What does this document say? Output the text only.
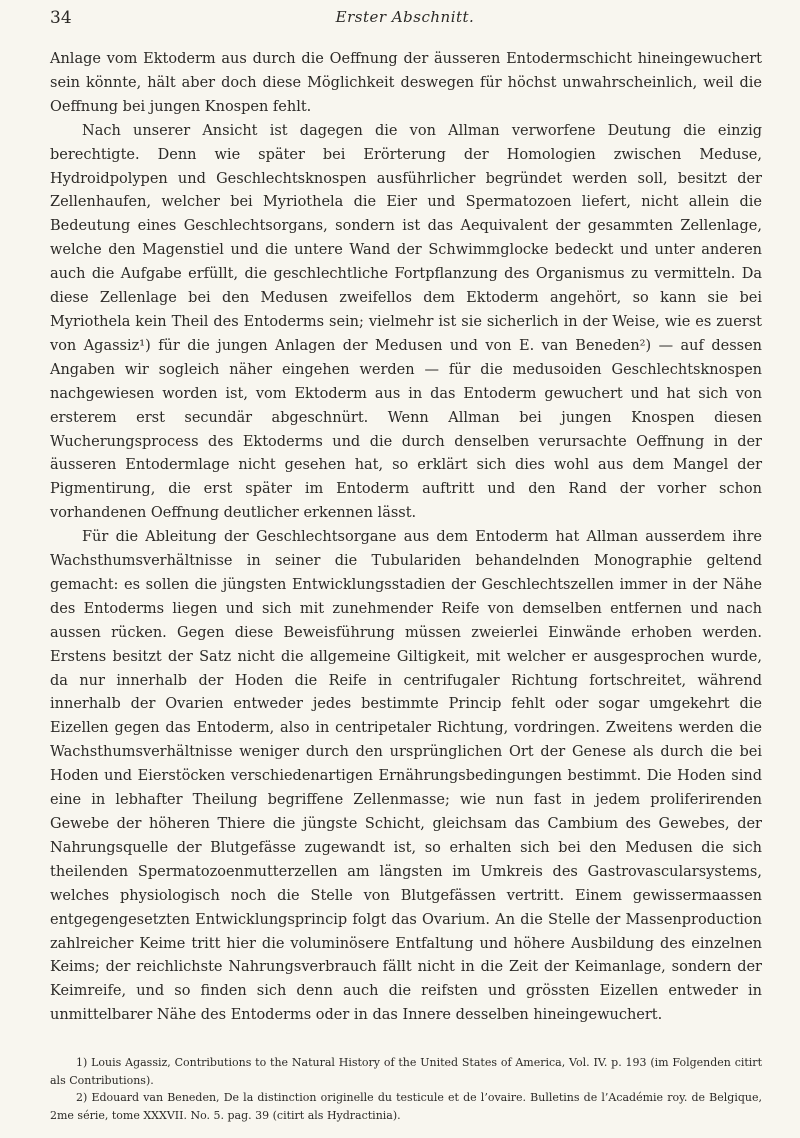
34	Erster Abschnitt.

Anlage vom Ektoderm aus durch die Oeffnung der äusseren Entodermschicht hineingewuchert sein könnte, hält aber doch diese Möglichkeit deswegen für höchst unwahrscheinlich, weil die Oeffnung bei jungen Knospen fehlt.

Nach unserer Ansicht ist dagegen die von Allman verworfene Deutung die einzig berechtigte. Denn wie später bei Erörterung der Homologien zwischen Meduse, Hydroidpolypen und Geschlechtsknospen ausführlicher begründet werden soll, besitzt der Zellenhaufen, welcher bei Myriothela die Eier und Spermatozoen liefert, nicht allein die Bedeutung eines Geschlechtsorgans, sondern ist das Aequivalent der gesammten Zellenlage, welche den Magenstiel und die untere Wand der Schwimmglocke bedeckt und unter anderen auch die Aufgabe erfüllt, die geschlechtliche Fortpflanzung des Organismus zu vermitteln. Da diese Zellenlage bei den Medusen zweifellos dem Ektoderm angehört, so kann sie bei Myriothela kein Theil des Entoderms sein; vielmehr ist sie sicherlich in der Weise, wie es zuerst von Agassiz¹) für die jungen Anlagen der Medusen und von E. van Beneden²) — auf dessen Angaben wir sogleich näher eingehen werden — für die medusoiden Geschlechtsknospen nachgewiesen worden ist, vom Ektoderm aus in das Entoderm gewuchert und hat sich von ersterem erst secundär abgeschnürt. Wenn Allman bei jungen Knospen diesen Wucherungsprocess des Ektoderms und die durch denselben verursachte Oeffnung in der äusseren Entodermlage nicht gesehen hat, so erklärt sich dies wohl aus dem Mangel der Pigmentirung, die erst später im Entoderm auftritt und den Rand der vorher schon vorhandenen Oeffnung deutlicher erkennen lässt.

Für die Ableitung der Geschlechtsorgane aus dem Entoderm hat Allman ausserdem ihre Wachsthumsverhältnisse in seiner die Tubulariden behandelnden Monographie geltend gemacht: es sollen die jüngsten Entwicklungsstadien der Geschlechtszellen immer in der Nähe des Entoderms liegen und sich mit zunehmender Reife von demselben entfernen und nach aussen rücken. Gegen diese Beweisführung müssen zweierlei Einwände erhoben werden. Erstens besitzt der Satz nicht die allgemeine Giltigkeit, mit welcher er ausgesprochen wurde, da nur innerhalb der Hoden die Reife in centrifugaler Richtung fortschreitet, während innerhalb der Ovarien entweder jedes bestimmte Princip fehlt oder sogar umgekehrt die Eizellen gegen das Entoderm, also in centripetaler Richtung, vordringen. Zweitens werden die Wachsthumsverhältnisse weniger durch den ursprünglichen Ort der Genese als durch die bei Hoden und Eierstöcken verschiedenartigen Ernährungsbedingungen bestimmt. Die Hoden sind eine in lebhafter Theilung begriffene Zellenmasse; wie nun fast in jedem proliferirenden Gewebe der höheren Thiere die jüngste Schicht, gleichsam das Cambium des Gewebes, der Nahrungsquelle der Blutgefässe zugewandt ist, so erhalten sich bei den Medusen die sich theilenden Spermatozoenmutterzellen am längsten im Umkreis des Gastrovascularsystems, welches physiologisch noch die Stelle von Blutgefässen vertritt. Einem gewissermaassen entgegengesetzten Entwicklungsprincip folgt das Ovarium. An die Stelle der Massenproduction zahlreicher Keime tritt hier die voluminösere Entfaltung und höhere Ausbildung des einzelnen Keims; der reichlichste Nahrungsverbrauch fällt nicht in die Zeit der Keimanlage, sondern der Keimreife, und so finden sich denn auch die reifsten und grössten Eizellen entweder in unmittelbarer Nähe des Entoderms oder in das Innere desselben hineingewuchert.

1) Louis Agassiz, Contributions to the Natural History of the United States of America, Vol. IV. p. 193 (im Folgenden citirt als Contributions).

2) Edouard van Beneden, De la distinction originelle du testicule et de l’ovaire. Bulletins de l’Académie roy. de Belgique, 2me série, tome XXXVII. No. 5. pag. 39 (citirt als Hydractinia).
